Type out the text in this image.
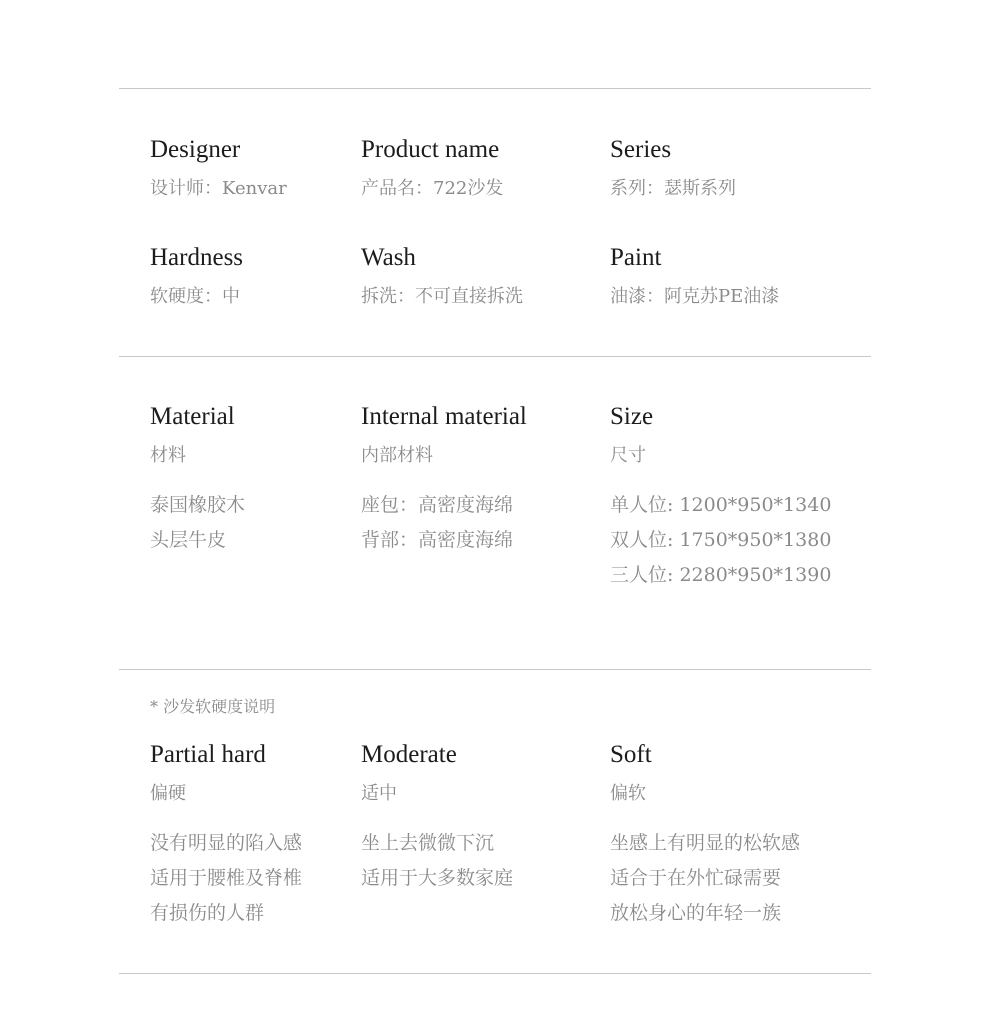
Designer
设计师：Kenvar
Product name
产品名：722沙发
Series
系列：瑟斯系列
Hardness
软硬度：中
Wash
拆洗：不可直接拆洗
Paint
油漆：阿克苏PE油漆
Material
材料
泰国橡胶木
头层牛皮
Internal material
内部材料
座包：高密度海绵
背部：高密度海绵
Size
尺寸
单人位: 1200*950*1340
双人位: 1750*950*1380
三人位: 2280*950*1390
* 沙发软硬度说明
Partial hard
偏硬
没有明显的陷入感
适用于腰椎及脊椎
有损伤的人群
Moderate
适中
坐上去微微下沉
适用于大多数家庭
Soft
偏软
坐感上有明显的松软感
适合于在外忙碌需要
放松身心的年轻一族
